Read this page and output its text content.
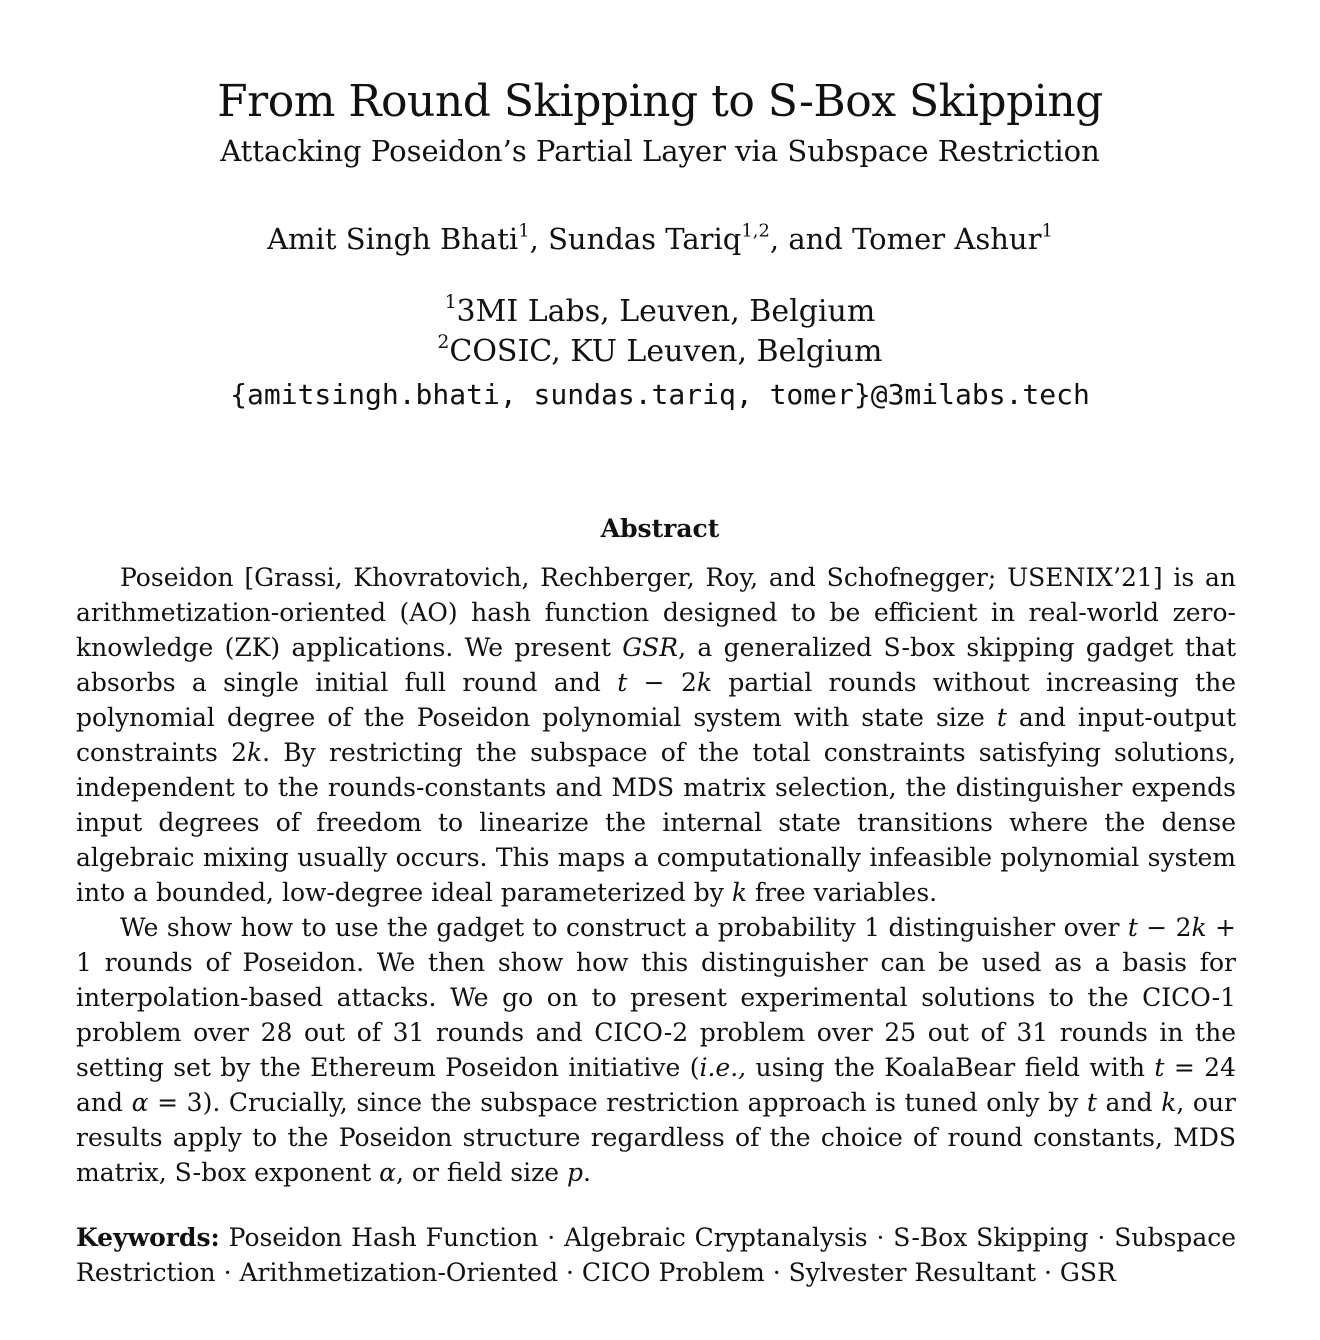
From Round Skipping to S-Box Skipping
Attacking Poseidon’s Partial Layer via Subspace Restriction
Amit Singh Bhati$^1$, Sundas Tariq$^{1,2}$, and Tomer Ashur$^1$
$^1$3MI Labs, Leuven, Belgium
$^2$COSIC, KU Leuven, Belgium
{amitsingh.bhati, sundas.tariq, tomer}@3milabs.tech
Abstract
Poseidon [Grassi, Khovratovich, Rechberger, Roy, and Schofnegger; USENIX’21] is an arithmetization-oriented (AO) hash function designed to be efficient in real-world zero-knowledge (ZK) applications. We present GSR, a generalized S-box skipping gadget that absorbs a single initial full round and t − 2k partial rounds without increasing the polynomial degree of the Poseidon polynomial system with state size t and input-output constraints 2k. By restricting the subspace of the total constraints satisfying solutions, independent to the rounds-constants and MDS matrix selection, the distinguisher expends input degrees of freedom to linearize the internal state transitions where the dense algebraic mixing usually occurs. This maps a computationally infeasible polynomial system into a bounded, low-degree ideal parameterized by k free variables.
We show how to use the gadget to construct a probability 1 distinguisher over t − 2k + 1 rounds of Poseidon. We then show how this distinguisher can be used as a basis for interpolation-based attacks. We go on to present experimental solutions to the CICO-1 problem over 28 out of 31 rounds and CICO-2 problem over 25 out of 31 rounds in the setting set by the Ethereum Poseidon initiative (i.e., using the KoalaBear field with t = 24 and α = 3). Crucially, since the subspace restriction approach is tuned only by t and k, our results apply to the Poseidon structure regardless of the choice of round constants, MDS matrix, S-box exponent α, or field size p.
Keywords: Poseidon Hash Function · Algebraic Cryptanalysis · S-Box Skipping · Subspace Restriction · Arithmetization-Oriented · CICO Problem · Sylvester Resultant · GSR
